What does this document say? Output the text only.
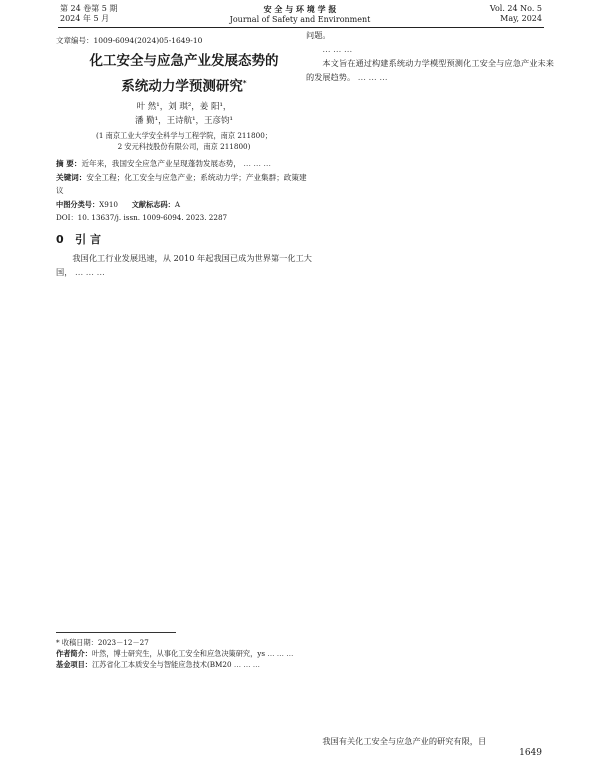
第 24 卷第 5 期
2024 年 5 月
安 全 与 环 境 学 报
Journal of Safety and Environment
Vol. 24 No. 5
May, 2024

文章编号：1009-6094(2024)05-1649-10

化工安全与应急产业发展态势的
系统动力学预测研究*
叶 然¹，刘 琪²，姜 阳¹，
潘 勤¹，王诗航¹，王彦钧¹
(1 南京工业大学安全科学与工程学院，南京 211800；
2 安元科技股份有限公司，南京 211800)

摘 要：近年来，我国安全应急产业呈现蓬勃发展态势， … … …

关键词：安全工程；化工安全与应急产业；系统动力学；产业集群；政策建议

中图分类号：X910 文献标志码：A

DOI：10. 13637/j. issn. 1009-6094. 2023. 2287

0 引 言

我国化工行业发展迅速，从 2010 年起我国已成为世界第一化工大国， … … …

问题。

… … …

本文旨在通过构建系统动力学模型预测化工安全与应急产业未来的发展趋势。 … … …

我国有关化工安全与应急产业的研究有限，目

* 收稿日期：2023－12－27

作者简介：叶然，博士研究生，从事化工安全和应急决策研究，ys … … …

基金项目：江苏省化工本质安全与智能应急技术(BM20 … … …

1649
